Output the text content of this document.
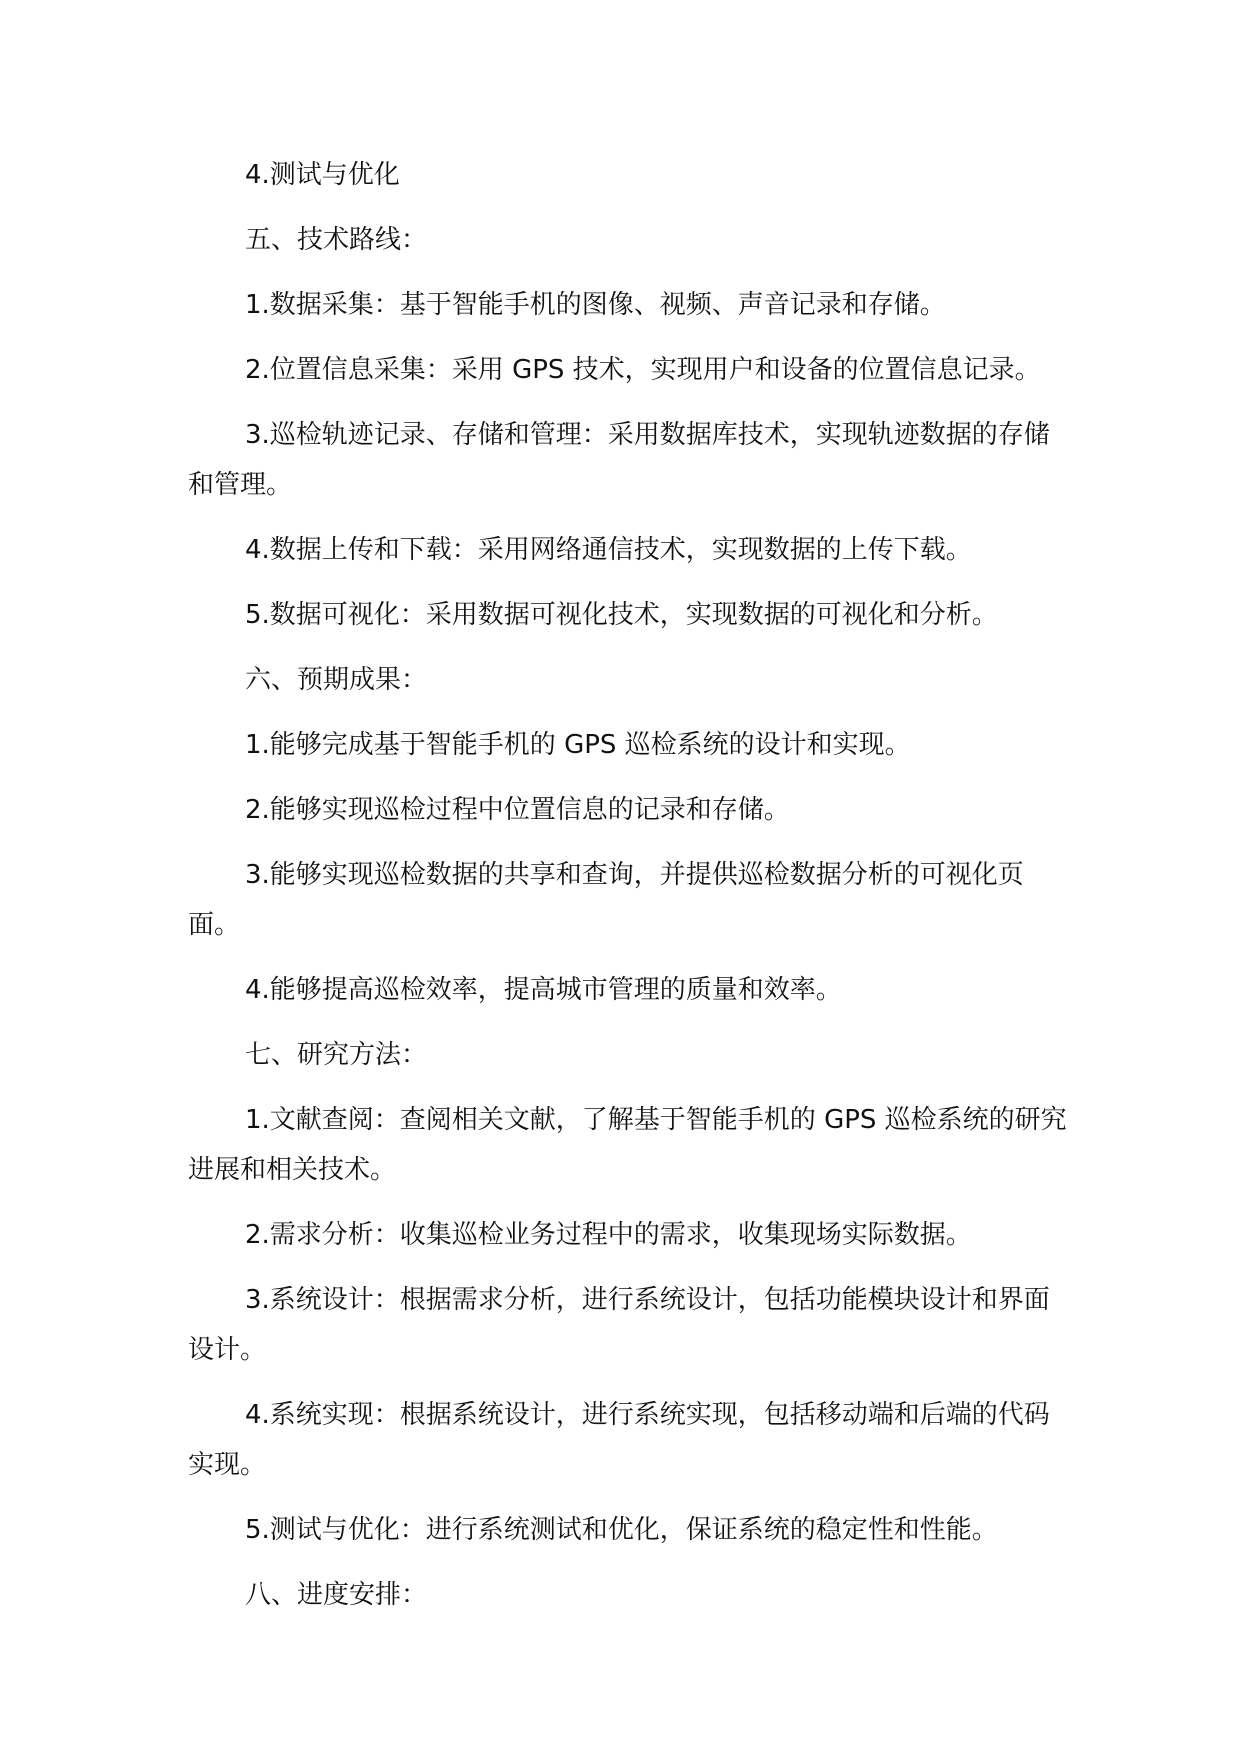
4.测试与优化

五、技术路线：

1.数据采集：基于智能手机的图像、视频、声音记录和存储。

2.位置信息采集：采用 GPS 技术，实现用户和设备的位置信息记录。

3.巡检轨迹记录、存储和管理：采用数据库技术，实现轨迹数据的存储和管理。

4.数据上传和下载：采用网络通信技术，实现数据的上传下载。

5.数据可视化：采用数据可视化技术，实现数据的可视化和分析。

六、预期成果：

1.能够完成基于智能手机的 GPS 巡检系统的设计和实现。

2.能够实现巡检过程中位置信息的记录和存储。

3.能够实现巡检数据的共享和查询，并提供巡检数据分析的可视化页面。

4.能够提高巡检效率，提高城市管理的质量和效率。

七、研究方法：

1.文献查阅：查阅相关文献，了解基于智能手机的 GPS 巡检系统的研究进展和相关技术。

2.需求分析：收集巡检业务过程中的需求，收集现场实际数据。

3.系统设计：根据需求分析，进行系统设计，包括功能模块设计和界面设计。

4.系统实现：根据系统设计，进行系统实现，包括移动端和后端的代码实现。

5.测试与优化：进行系统测试和优化，保证系统的稳定性和性能。

八、进度安排：
